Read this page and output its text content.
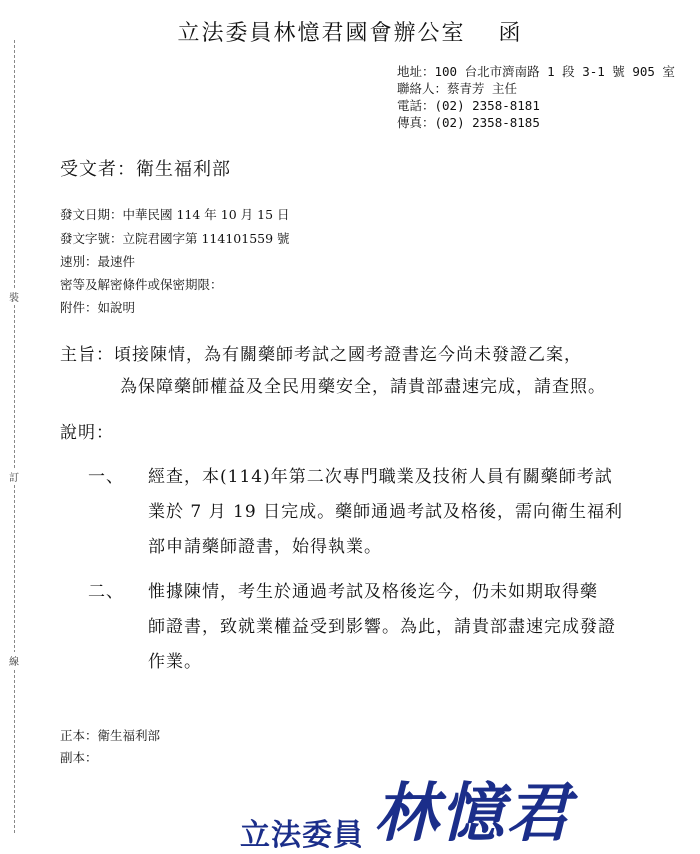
裝
訂
線
立法委員林憶君國會辦公室　 函
地址：100 台北市濟南路 1 段 3-1 號 905 室
聯絡人：蔡青芳 主任
電話：(02) 2358-8181
傳真：(02) 2358-8185
受文者：衛生福利部
發文日期：中華民國 114 年 10 月 15 日
發文字號：立院君國字第 114101559 號
速別：最速件
密等及解密條件或保密期限：
附件：如說明
主旨：頃接陳情，為有關藥師考試之國考證書迄今尚未發證乙案，
為保障藥師權益及全民用藥安全，請貴部盡速完成，請查照。
說明：
一、 經查，本(114)年第二次專門職業及技術人員有關藥師考試
業於 7 月 19 日完成。藥師通過考試及格後，需向衛生福利
部申請藥師證書，始得執業。
二、 惟據陳情，考生於通過考試及格後迄今，仍未如期取得藥
師證書，致就業權益受到影響。為此，請貴部盡速完成發證
作業。
正本：衛生福利部
副本：
立法委員 林憶君
